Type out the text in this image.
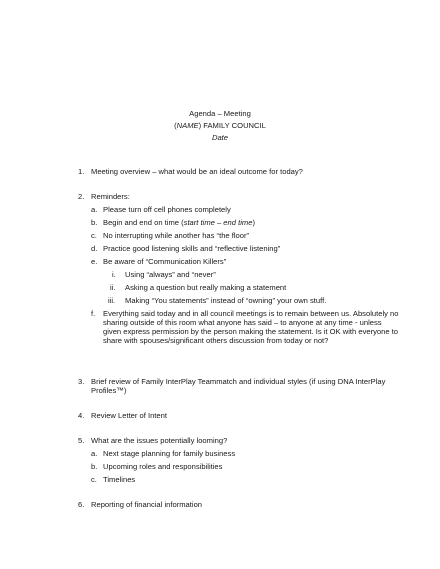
Agenda – Meeting
(NAME) FAMILY COUNCIL
Date
1. Meeting overview – what would be an ideal outcome for today?
2. Reminders:
a. Please turn off cell phones completely
b. Begin and end on time (start time – end time)
c. No interrupting while another has “the floor”
d. Practice good listening skills and “reflective listening”
e. Be aware of “Communication Killers”
i. Using “always” and “never”
ii. Asking a question but really making a statement
iii. Making “You statements” instead of “owning” your own stuff.
f. Everything said today and in all council meetings is to remain between us. Absolutely no sharing outside of this room what anyone has said – to anyone at any time - unless given express permission by the person making the statement. Is it OK with everyone to share with spouses/significant others discussion from today or not?
3. Brief review of Family InterPlay Teammatch and individual styles (if using DNA InterPlay Profiles™)
4. Review Letter of Intent
5. What are the issues potentially looming?
a. Next stage planning for family business
b. Upcoming roles and responsibilities
c. Timelines
6. Reporting of financial information
